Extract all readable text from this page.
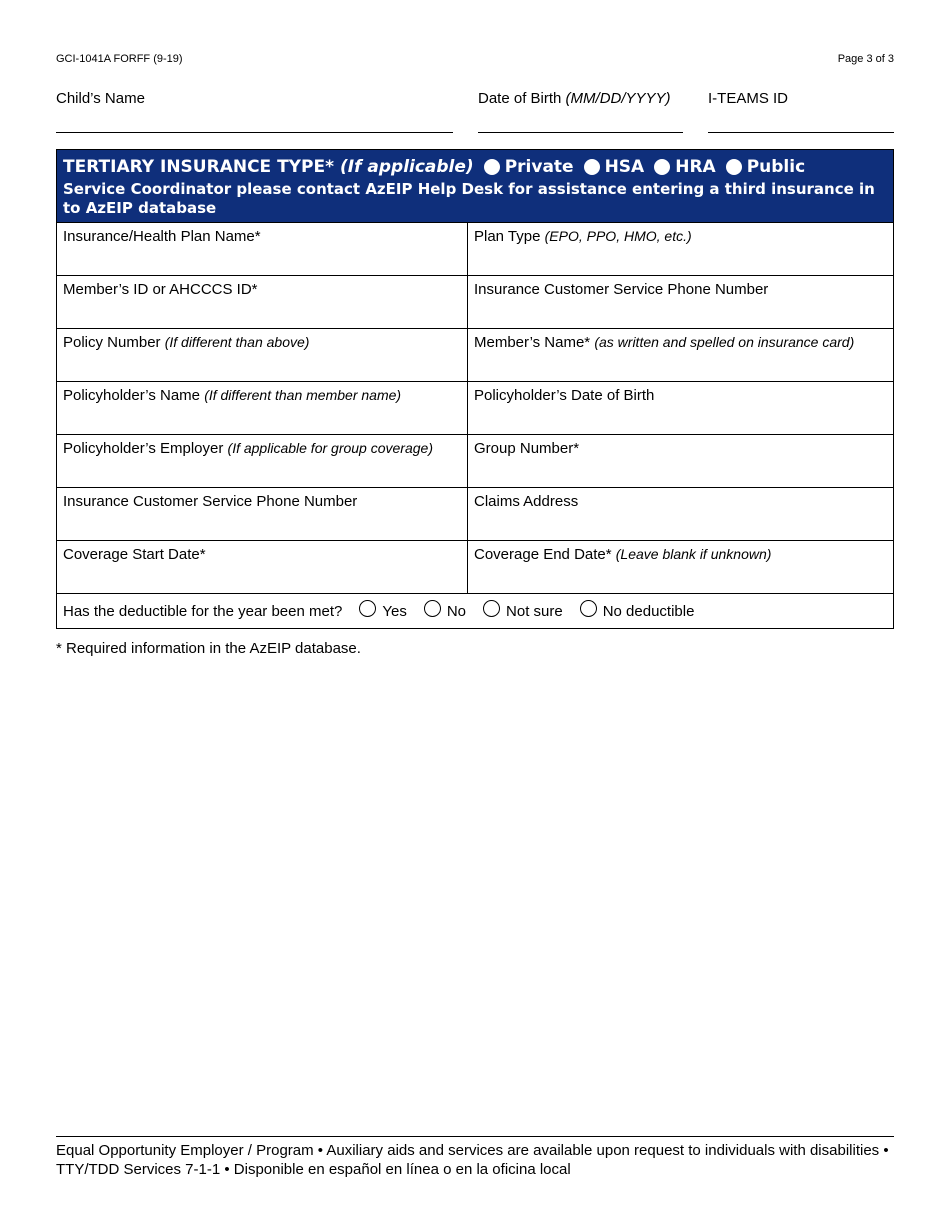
GCI-1041A FORFF (9-19)	Page 3 of 3
Child’s Name	Date of Birth (MM/DD/YYYY) I-TEAMS ID
TERTIARY INSURANCE TYPE* (If applicable) Private HSA HRA Public
Service Coordinator please contact AzEIP Help Desk for assistance entering a third insurance in to AzEIP database
Insurance/Health Plan Name*	Plan Type (EPO, PPO, HMO, etc.)
Member’s ID or AHCCCS ID*	Insurance Customer Service Phone Number
Policy Number (If different than above)	Member’s Name* (as written and spelled on insurance card)
Policyholder’s Name (If different than member name)	Policyholder’s Date of Birth
Policyholder’s Employer (If applicable for group coverage)	Group Number*
Insurance Customer Service Phone Number	Claims Address
Coverage Start Date*	Coverage End Date* (Leave blank if unknown)
Has the deductible for the year been met?	Yes	No	Not sure	No deductible
* Required information in the AzEIP database.
Equal Opportunity Employer / Program • Auxiliary aids and services are available upon request to individuals with disabilities • TTY/TDD Services 7-1-1 • Disponible en español en línea o en la oficina local
